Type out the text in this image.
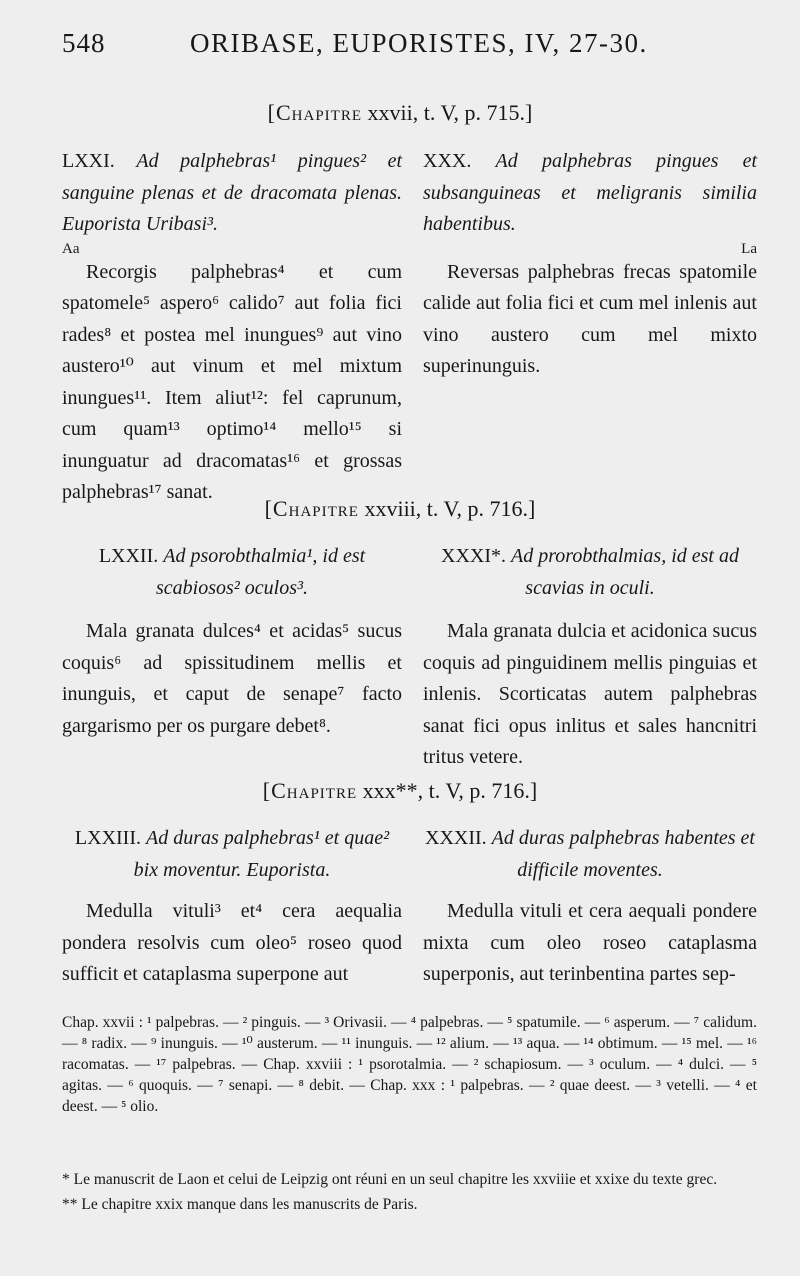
548	ORIBASE, EUPORISTES, IV, 27-30.
[Chapitre xxvii, t. V, p. 715.]
LXXI. Ad palphebras¹ pingues² et sanguine plenas et de dracomata plenas. Euporista Uribasi³.
Aa
Recorgis palphebras⁴ et cum spatomele⁵ aspero⁶ calido⁷ aut folia fici rades⁸ et postea mel inungues⁹ aut vino austero¹⁰ aut vinum et mel mixtum inungues¹¹. Item aliut¹²: fel caprunum, cum quam¹³ optimo¹⁴ mello¹⁵ si inunguatur ad dracomatas¹⁶ et grossas palphebras¹⁷ sanat.
XXX. Ad palphebras pingues et subsanguineas et meligranis similia habentibus.
La
Reversas palphebras frecas spatomile calide aut folia fici et cum mel inlenis aut vino austero cum mel mixto superinunguis.
[Chapitre xxviii, t. V, p. 716.]
LXXII. Ad psorobthalmia¹, id est scabiosos² oculos³.
Mala granata dulces⁴ et acidas⁵ sucus coquis⁶ ad spissitudinem mellis et inunguis, et caput de senape⁷ facto gargarismo per os purgare debet⁸.
XXXI*. Ad prorobthalmias, id est ad scavias in oculi.
Mala granata dulcia et acidonica sucus coquis ad pinguidinem mellis pinguias et inlenis. Scorticatas autem palphebras sanat fici opus inlitus et sales hancnitri tritus vetere.
[Chapitre xxx**, t. V, p. 716.]
LXXIII. Ad duras palphebras¹ et quae² bix moventur. Euporista.
Medulla vituli³ et⁴ cera aequalia pondera resolvis cum oleo⁵ roseo quod sufficit et cataplasma superpone aut
XXXII. Ad duras palphebras habentes et difficile moventes.
Medulla vituli et cera aequali pondere mixta cum oleo roseo cataplasma superponis, aut terinbentina partes sep-
Chap. xxvii : ¹ palpebras. — ² pinguis. — ³ Orivasii. — ⁴ palpebras. — ⁵ spatumile. — ⁶ asperum. — ⁷ calidum. — ⁸ radix. — ⁹ inunguis. — ¹⁰ austerum. — ¹¹ inunguis. — ¹² alium. — ¹³ aqua. — ¹⁴ obtimum. — ¹⁵ mel. — ¹⁶ racomatas. — ¹⁷ palpebras. — Chap. xxviii : ¹ psorotalmia. — ² schapiosum. — ³ oculum. — ⁴ dulci. — ⁵ agitas. — ⁶ quoquis. — ⁷ senapi. — ⁸ debit. — Chap. xxx : ¹ palpebras. — ² quae deest. — ³ vetelli. — ⁴ et deest. — ⁵ olio.
* Le manuscrit de Laon et celui de Leipzig ont réuni en un seul chapitre les xxviiie et xxixe du texte grec.
** Le chapitre xxix manque dans les manuscrits de Paris.
